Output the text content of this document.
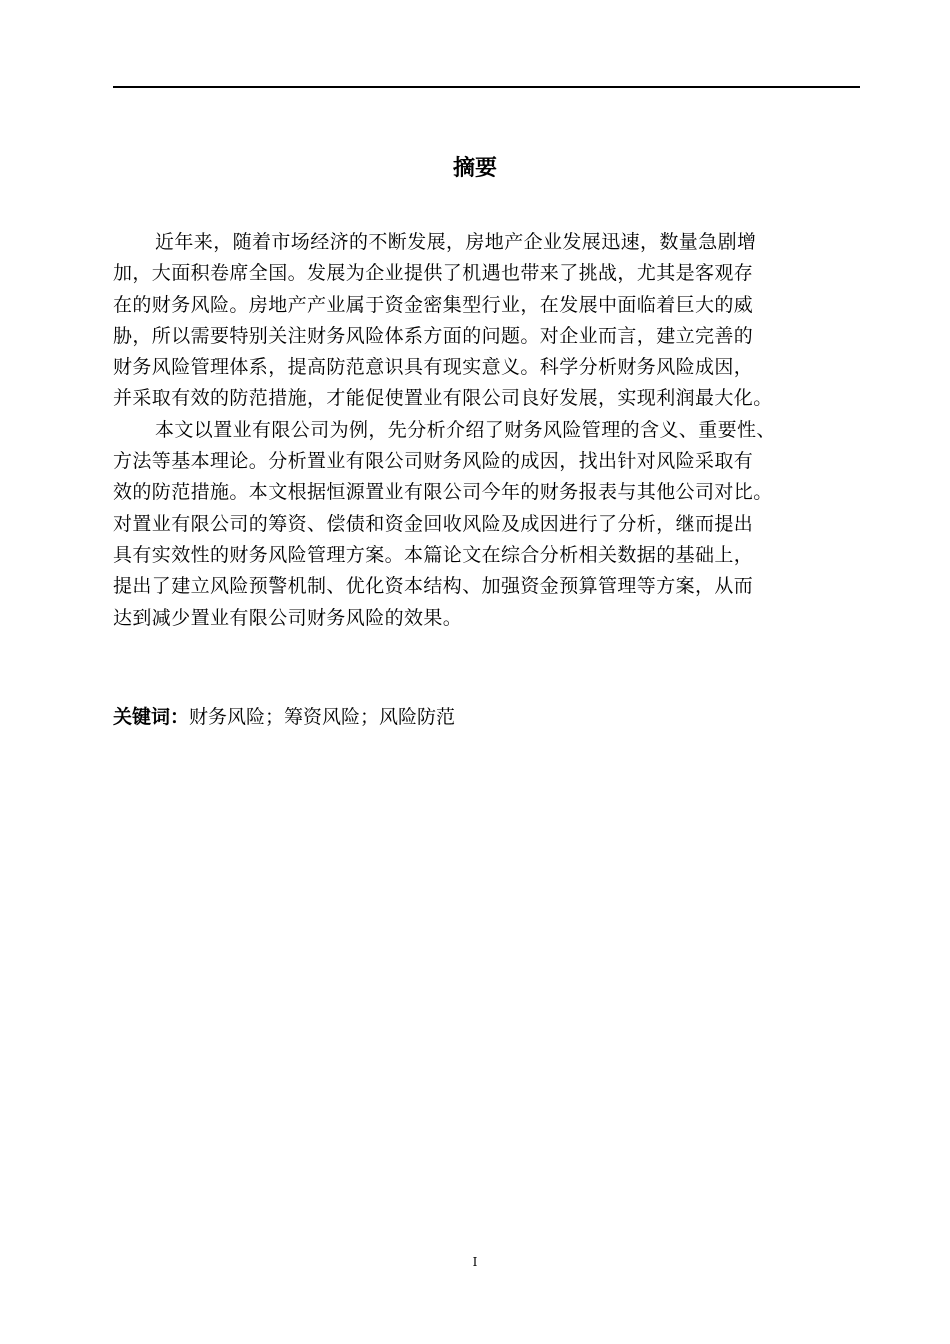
摘要
近年来，随着市场经济的不断发展，房地产企业发展迅速，数量急剧增
加，大面积卷席全国。发展为企业提供了机遇也带来了挑战，尤其是客观存
在的财务风险。房地产产业属于资金密集型行业，在发展中面临着巨大的威
胁，所以需要特别关注财务风险体系方面的问题。对企业而言，建立完善的
财务风险管理体系，提高防范意识具有现实意义。科学分析财务风险成因，
并采取有效的防范措施，才能促使置业有限公司良好发展，实现利润最大化。
本文以置业有限公司为例，先分析介绍了财务风险管理的含义、重要性、
方法等基本理论。分析置业有限公司财务风险的成因，找出针对风险采取有
效的防范措施。本文根据恒源置业有限公司今年的财务报表与其他公司对比。
对置业有限公司的筹资、偿债和资金回收风险及成因进行了分析，继而提出
具有实效性的财务风险管理方案。本篇论文在综合分析相关数据的基础上，
提出了建立风险预警机制、优化资本结构、加强资金预算管理等方案，从而
达到减少置业有限公司财务风险的效果。
关键词：财务风险；筹资风险；风险防范
I
